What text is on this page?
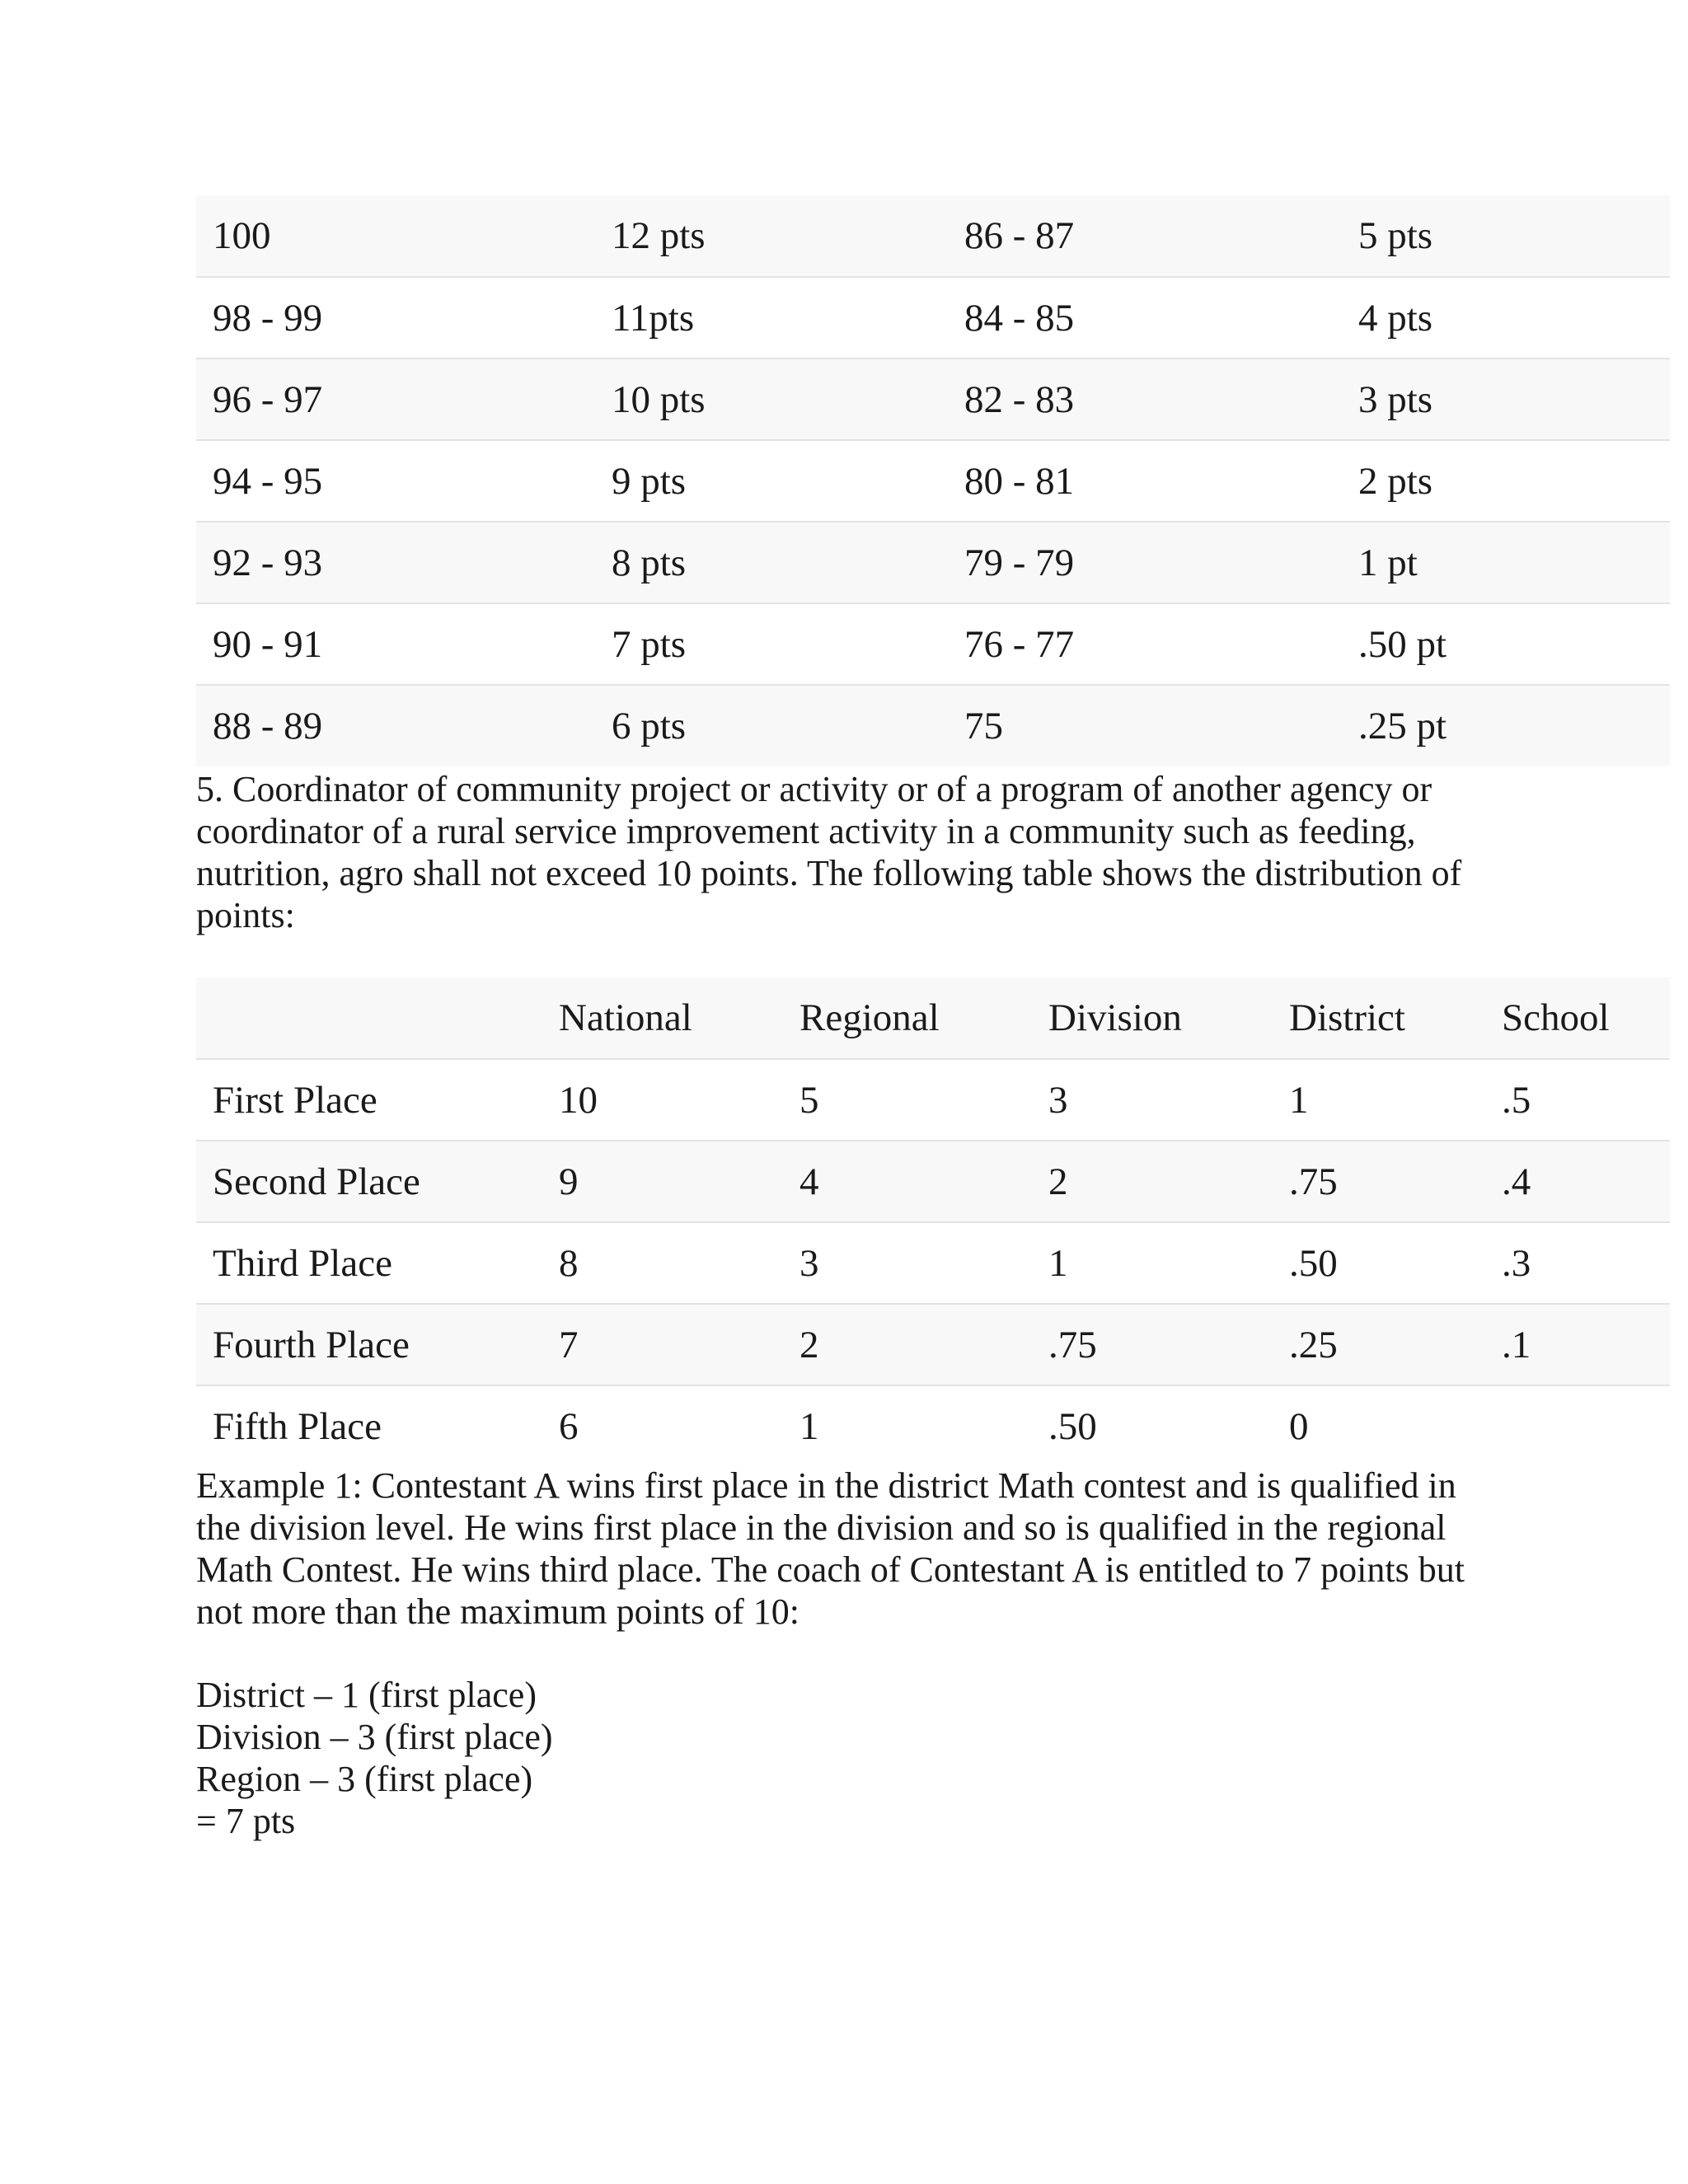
100	12 pts	86 - 87	5 pts
98 - 99	11pts	84 - 85	4 pts
96 - 97	10 pts	82 - 83	3 pts
94 - 95	9 pts	80 - 81	2 pts
92 - 93	8 pts	79 - 79	1 pt
90 - 91	7 pts	76 - 77	.50 pt
88 - 89	6 pts	75	.25 pt

5. Coordinator of community project or activity or of a program of another agency or coordinator of a rural service improvement activity in a community such as feeding, nutrition, agro shall not exceed 10 points. The following table shows the distribution of points:

	National	Regional	Division	District	School
First Place	10	5	3	1	.5
Second Place	9	4	2	.75	.4
Third Place	8	3	1	.50	.3
Fourth Place	7	2	.75	.25	.1
Fifth Place	6	1	.50	0	

Example 1: Contestant A wins first place in the district Math contest and is qualified in the division level. He wins first place in the division and so is qualified in the regional Math Contest. He wins third place. The coach of Contestant A is entitled to 7 points but not more than the maximum points of 10:

District – 1 (first place)
Division – 3 (first place)
Region – 3 (first place)
= 7 pts
